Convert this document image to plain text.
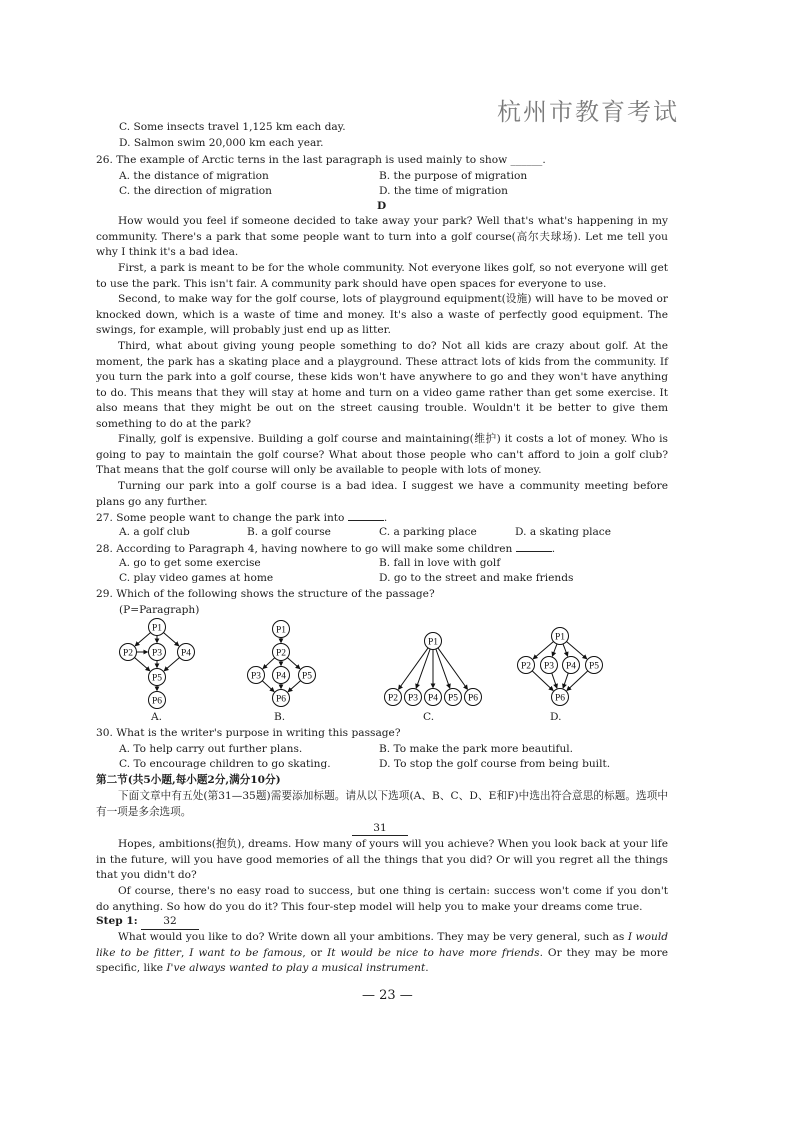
杭州市教育考试
C. Some insects travel 1,125 km each day.
D. Salmon swim 20,000 km each year.
26. The example of Arctic terns in the last paragraph is used mainly to show ______.
A. the distance of migration	B. the purpose of migration
C. the direction of migration	D. the time of migration
D
How would you feel if someone decided to take away your park? Well that's what's happening in my community. There's a park that some people want to turn into a golf course(高尔夫球场). Let me tell you why I think it's a bad idea.
First, a park is meant to be for the whole community. Not everyone likes golf, so not everyone will get to use the park. This isn't fair. A community park should have open spaces for everyone to use.
Second, to make way for the golf course, lots of playground equipment(设施) will have to be moved or knocked down, which is a waste of time and money. It's also a waste of perfectly good equipment. The swings, for example, will probably just end up as litter.
Third, what about giving young people something to do? Not all kids are crazy about golf. At the moment, the park has a skating place and a playground. These attract lots of kids from the community. If you turn the park into a golf course, these kids won't have anywhere to go and they won't have anything to do. This means that they will stay at home and turn on a video game rather than get some exercise. It also means that they might be out on the street causing trouble. Wouldn't it be better to give them something to do at the park?
Finally, golf is expensive. Building a golf course and maintaining(维护) it costs a lot of money. Who is going to pay to maintain the golf course? What about those people who can't afford to join a golf club? That means that the golf course will only be available to people with lots of money.
Turning our park into a golf course is a bad idea. I suggest we have a community meeting before plans go any further.
27. Some people want to change the park into	.
A. a golf club	B. a golf course	C. a parking place	D. a skating place
28. According to Paragraph 4, having nowhere to go will make some children	.
A. go to get some exercise	B. fall in love with golf
C. play video games at home	D. go to the street and make friends
29. Which of the following shows the structure of the passage?
(P=Paragraph)
P1
P2 P3 P4
P5
P6
P1
P2
P3 P4 P5
P6
P1
P2 P3 P4 P5 P6
P1
P2 P3 P4 P5
P6
A.	B.	C.	D.
30. What is the writer's purpose in writing this passage?
A. To help carry out further plans.	B. To make the park more beautiful.
C. To encourage children to go skating.	D. To stop the golf course from being built.
第二节(共5小题,每小题2分,满分10分)
下面文章中有五处(第31—35题)需要添加标题。请从以下选项(A、B、C、D、E和F)中选出符合意思的标题。选项中有一项是多余选项。
31
Hopes, ambitions(抱负), dreams. How many of yours will you achieve? When you look back at your life in the future, will you have good memories of all the things that you did? Or will you regret all the things that you didn't do?
Of course, there's no easy road to success, but one thing is certain: success won't come if you don't do anything. So how do you do it? This four-step model will help you to make your dreams come true.
Step 1: 32
What would you like to do? Write down all your ambitions. They may be very general, such as I would like to be fitter, I want to be famous, or It would be nice to have more friends. Or they may be more specific, like I've always wanted to play a musical instrument.
— 23 —
